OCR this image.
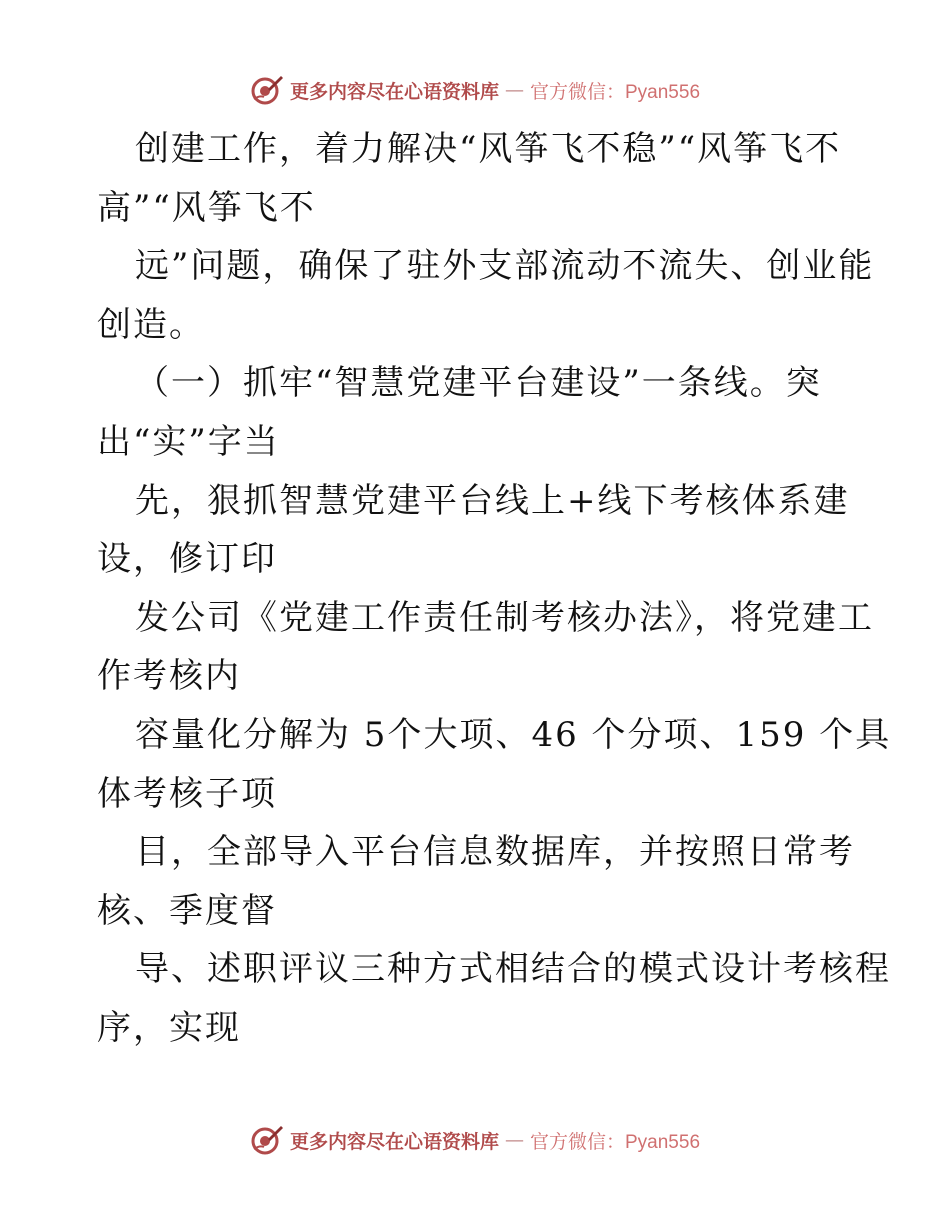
更多内容尽在心语资料库 — 官方微信：Pyan556
创建工作，着力解决“风筝飞不稳”“风筝飞不
高”“风筝飞不
远”问题，确保了驻外支部流动不流失、创业能
创造。
（一）抓牢“智慧党建平台建设”一条线。突
出“实”字当
先，狠抓智慧党建平台线上+线下考核体系建
设，修订印
发公司《党建工作责任制考核办法》，将党建工
作考核内
容量化分解为 5个大项、46 个分项、159 个具
体考核子项
目，全部导入平台信息数据库，并按照日常考
核、季度督
导、述职评议三种方式相结合的模式设计考核程
序，实现
更多内容尽在心语资料库 — 官方微信：Pyan556
